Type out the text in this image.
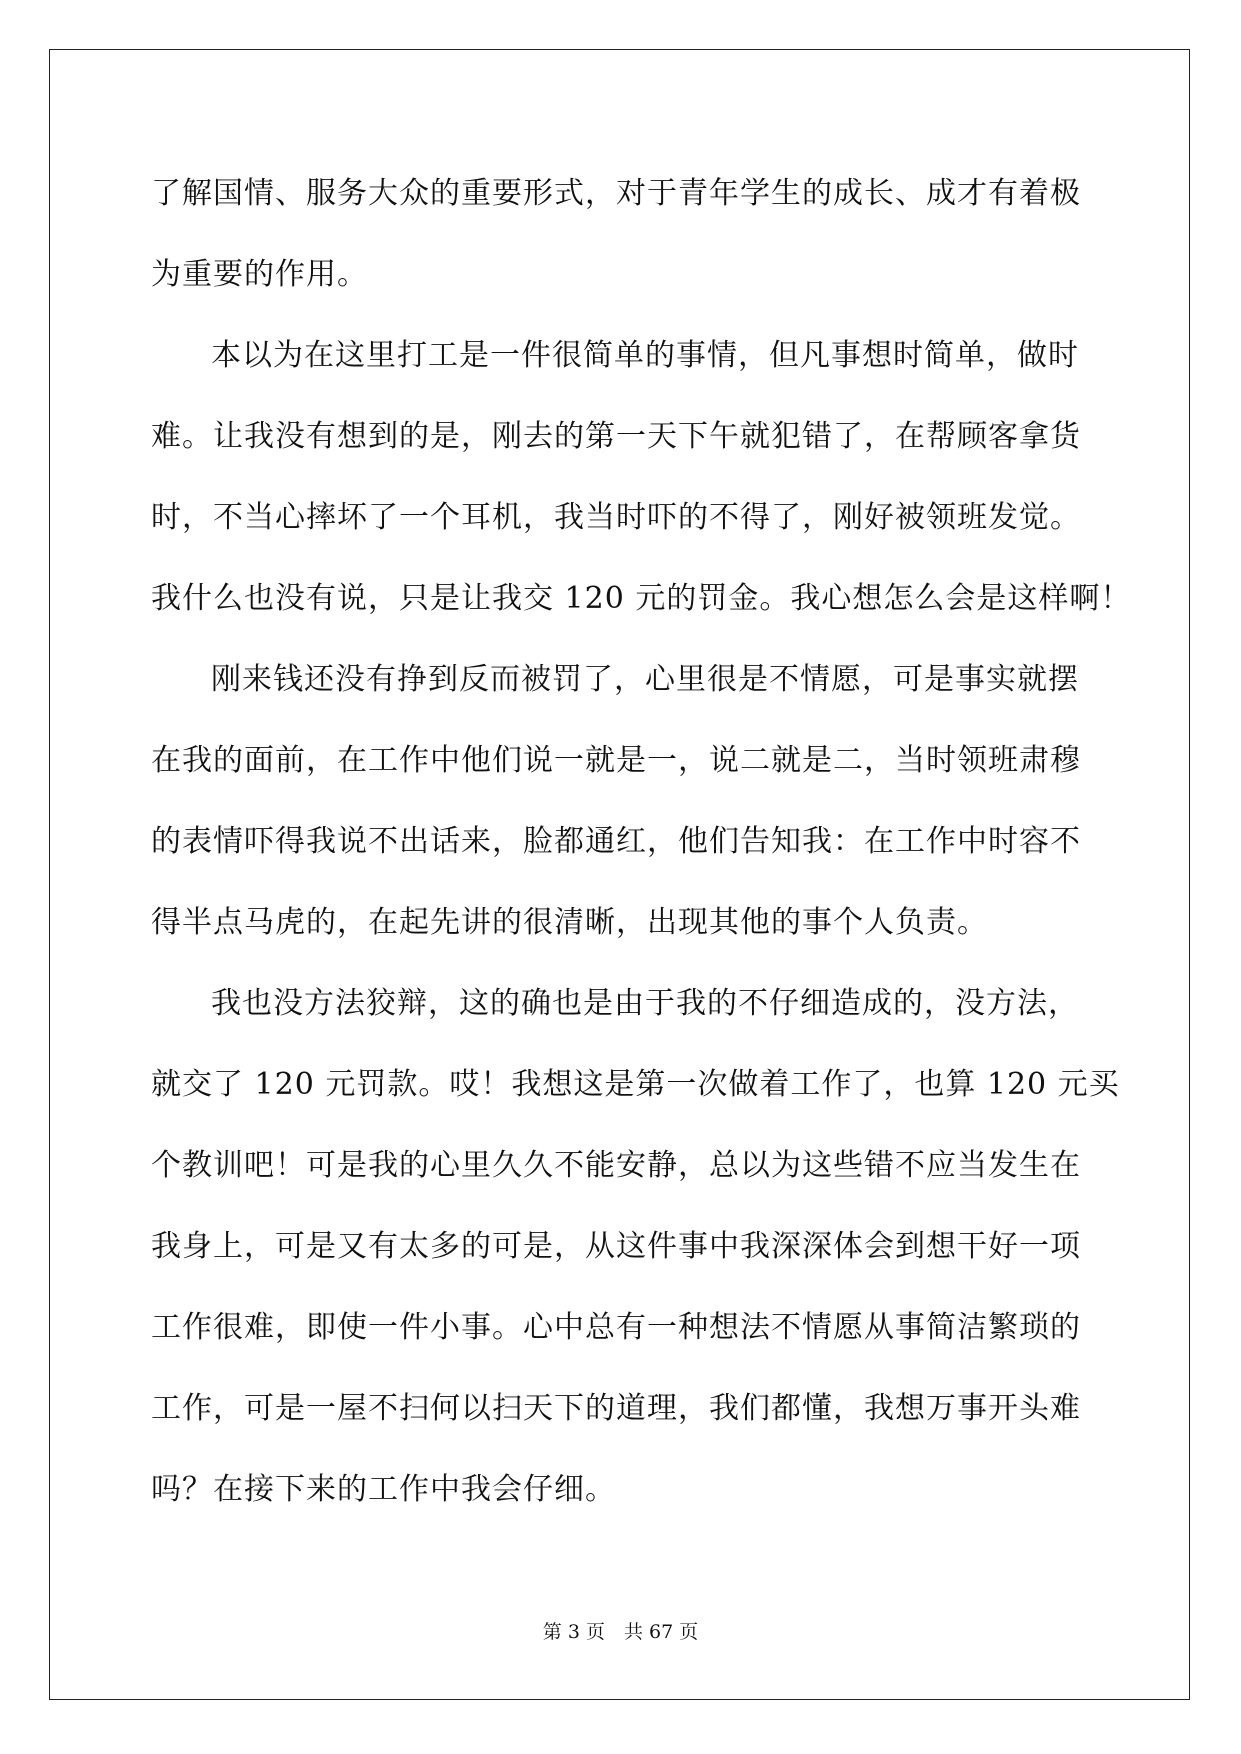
了解国情、服务大众的重要形式，对于青年学生的成长、成才有着极
为重要的作用。
本以为在这里打工是一件很简单的事情，但凡事想时简单，做时
难。让我没有想到的是，刚去的第一天下午就犯错了，在帮顾客拿货
时，不当心摔坏了一个耳机，我当时吓的不得了，刚好被领班发觉。
我什么也没有说，只是让我交 120 元的罚金。我心想怎么会是这样啊！
刚来钱还没有挣到反而被罚了，心里很是不情愿，可是事实就摆
在我的面前，在工作中他们说一就是一，说二就是二，当时领班肃穆
的表情吓得我说不出话来，脸都通红，他们告知我：在工作中时容不
得半点马虎的，在起先讲的很清晰，出现其他的事个人负责。
我也没方法狡辩，这的确也是由于我的不仔细造成的，没方法，
就交了 120 元罚款。哎！我想这是第一次做着工作了，也算 120 元买
个教训吧！可是我的心里久久不能安静，总以为这些错不应当发生在
我身上，可是又有太多的可是，从这件事中我深深体会到想干好一项
工作很难，即使一件小事。心中总有一种想法不情愿从事简洁繁琐的
工作，可是一屋不扫何以扫天下的道理，我们都懂，我想万事开头难
吗？在接下来的工作中我会仔细。
第 3 页　共 67 页
